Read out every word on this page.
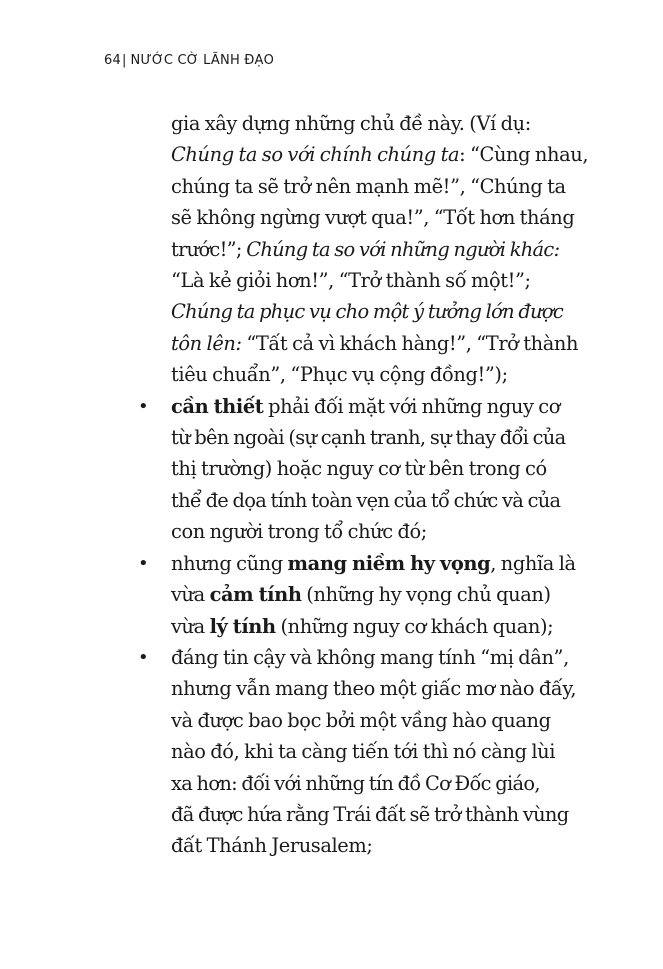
64| NƯỚC CỜ LÃNH ĐẠO
gia xây dựng những chủ đề này. (Ví dụ:
Chúng ta so với chính chúng ta: “Cùng nhau,
chúng ta sẽ trở nên mạnh mẽ!”, “Chúng ta
sẽ không ngừng vượt qua!”, “Tốt hơn tháng
trước!”; Chúng ta so với những người khác:
“Là kẻ giỏi hơn!”, “Trở thành số một!”;
Chúng ta phục vụ cho một ý tưởng lớn được
tôn lên: “Tất cả vì khách hàng!”, “Trở thành
tiêu chuẩn”, “Phục vụ cộng đồng!”);
• cần thiết phải đối mặt với những nguy cơ
từ bên ngoài (sự cạnh tranh, sự thay đổi của
thị trường) hoặc nguy cơ từ bên trong có
thể đe dọa tính toàn vẹn của tổ chức và của
con người trong tổ chức đó;
• nhưng cũng mang niềm hy vọng, nghĩa là
vừa cảm tính (những hy vọng chủ quan)
vừa lý tính (những nguy cơ khách quan);
• đáng tin cậy và không mang tính “mị dân”,
nhưng vẫn mang theo một giấc mơ nào đấy,
và được bao bọc bởi một vầng hào quang
nào đó, khi ta càng tiến tới thì nó càng lùi
xa hơn: đối với những tín đồ Cơ Đốc giáo,
đã được hứa rằng Trái đất sẽ trở thành vùng
đất Thánh Jerusalem;
